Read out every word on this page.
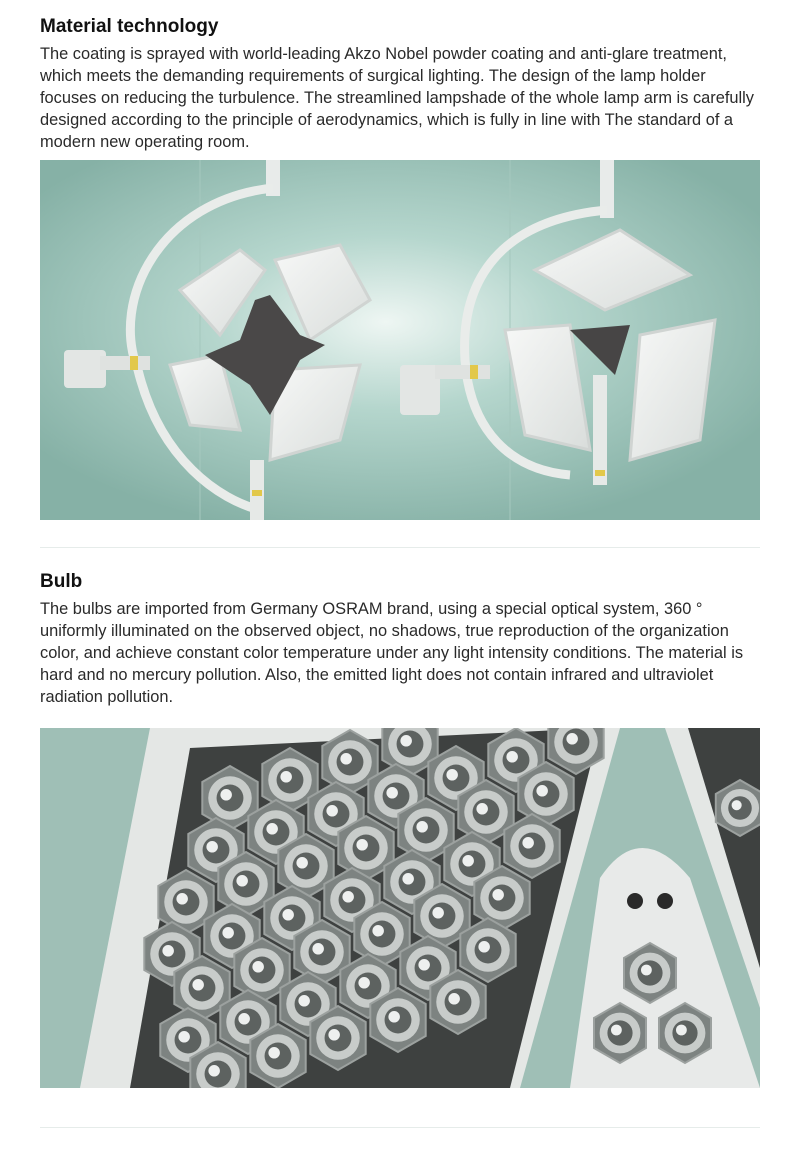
Material technology

The coating is sprayed with world-leading Akzo Nobel powder coating and anti-glare treatment, which meets the demanding requirements of surgical lighting. The design of the lamp holder focuses on reducing the turbulence. The streamlined lampshade of the whole lamp arm is carefully designed according to the principle of aerodynamics, which is fully in line with The standard of a modern new operating room.

Bulb

The bulbs are imported from Germany OSRAM brand, using a special optical system, 360 ° uniformly illuminated on the observed object, no shadows, true reproduction of the organization color, and achieve constant color temperature under any light intensity conditions. The material is hard and no mercury pollution. Also, the emitted light does not contain infrared and ultraviolet radiation pollution.
